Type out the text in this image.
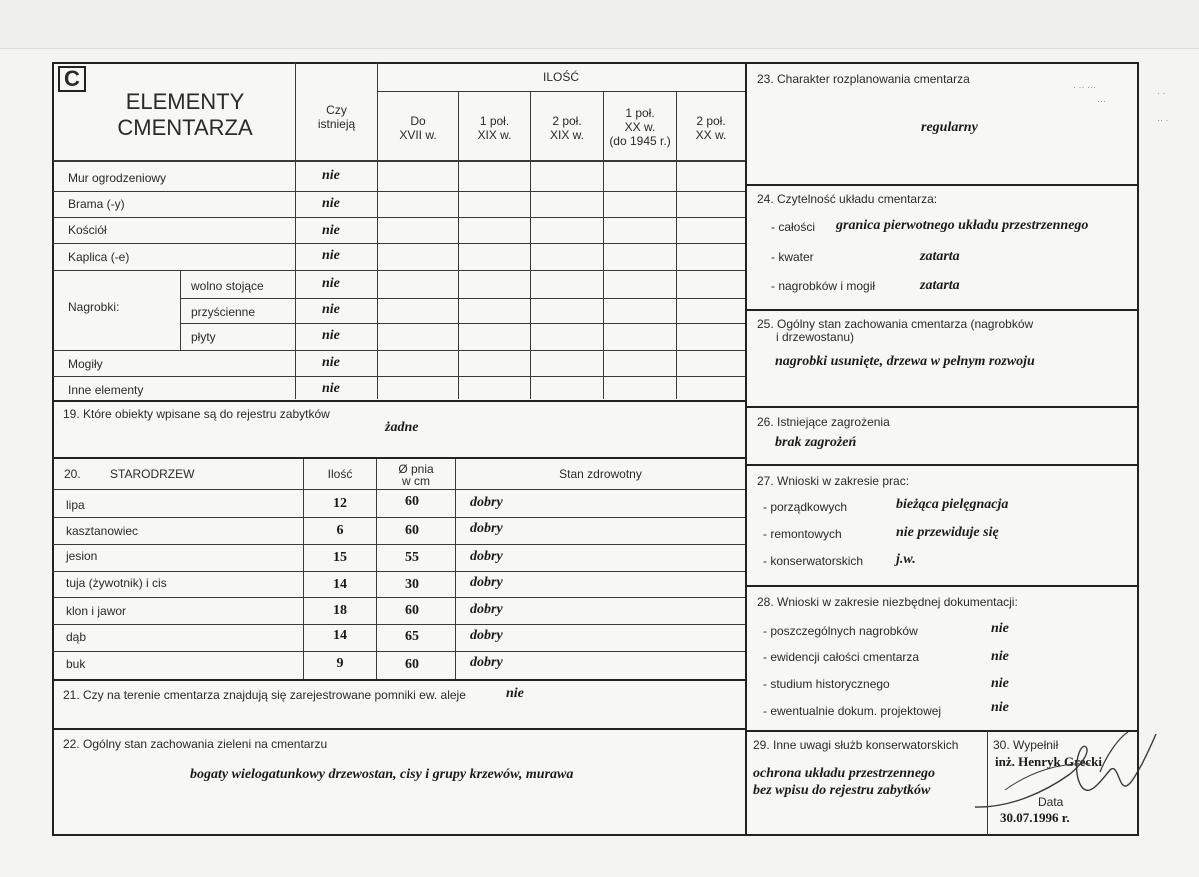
C
ELEMENTY
CMENTARZA
Czy
istnieją
ILOŚĆ
Do
XVII w.
1 poł.
XIX w.
2 poł.
XIX w.
1 poł.
XX w.
(do 1945 r.)
2 poł.
XX w.
Mur ogrodzeniowy	nie
Brama (-y)	nie
Kościół	nie
Kaplica (-e)	nie
Nagrobki:
wolno stojące	nie
przyścienne	nie
płyty	nie
Mogiły	nie
Inne elementy	nie
19. Które obiekty wpisane są do rejestru zabytków
żadne
20. STARODRZEW	Ilość	Ø pnia
w cm	Stan zdrowotny
lipa	12	60	dobry
kasztanowiec	6	60	dobry
jesion	15	55	dobry
tuja (żywotnik) i cis	14	30	dobry
klon i jawor	18	60	dobry
dąb	14	65	dobry
buk	9	60	dobry
21. Czy na terenie cmentarza znajdują się zarejestrowane pomniki ew. aleje	nie
22. Ogólny stan zachowania zieleni na cmentarzu
bogaty wielogatunkowy drzewostan, cisy i grupy krzewów, murawa
23. Charakter rozplanowania cmentarza
regularny
24. Czytelność układu cmentarza:
- całości granica pierwotnego układu przestrzennego
- kwater	zatarta
- nagrobków i mogił	zatarta
25. Ogólny stan zachowania cmentarza (nagrobków
i drzewostanu)
nagrobki usunięte, drzewa w pełnym rozwoju
26. Istniejące zagrożenia
brak zagrożeń
27. Wnioski w zakresie prac:
- porządkowych	bieżąca pielęgnacja
- remontowych	nie przewiduje się
- konserwatorskich j.w.
28. Wnioski w zakresie niezbędnej dokumentacji:
- poszczególnych nagrobków	nie
- ewidencji całości cmentarza	nie
- studium historycznego	nie
- ewentualnie dokum. projektowej	nie
29. Inne uwagi służb konserwatorskich
ochrona układu przestrzennego
bez wpisu do rejestru zabytków
30. Wypełnił
inż. Henryk Grecki
Data
30.07.1996 r.
· ·· ···
···
· ·
·· ·
